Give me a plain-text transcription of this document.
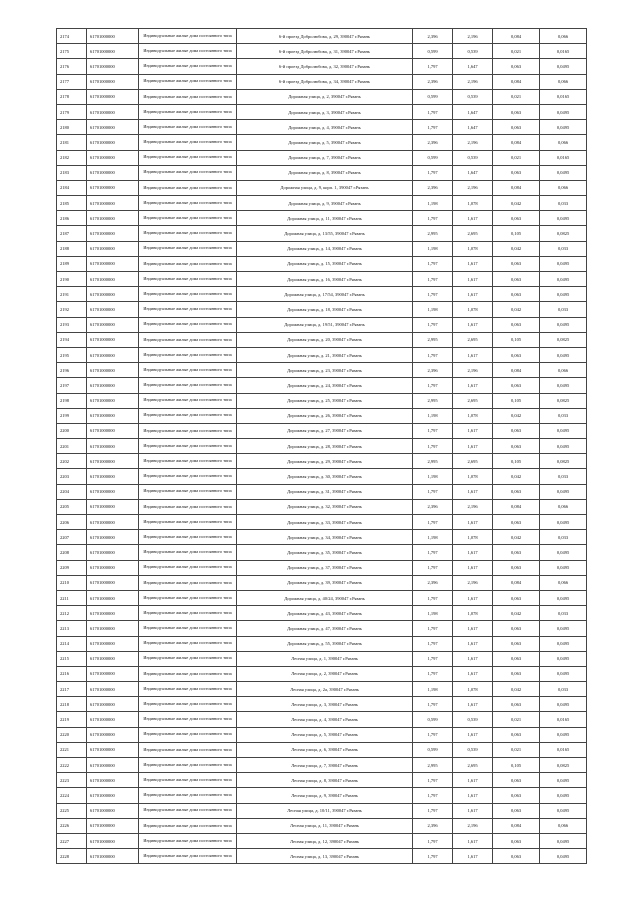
2174	61701000000	Индивидуальные жилые дома постоянного типа	6-й проезд Добролюбова, д. 29, 390047 г.Рязань	2,396	2,196	0,084	0,066
2175	61701000000	Индивидуальные жилые дома постоянного типа	6-й проезд Добролюбова, д. 31, 390047 г.Рязань	0,599	0,539	0,021	0,0165
2176	61701000000	Индивидуальные жилые дома постоянного типа	6-й проезд Добролюбова, д. 32, 390047 г.Рязань	1,797	1,647	0,063	0,0495
2177	61701000000	Индивидуальные жилые дома постоянного типа	6-й проезд Добролюбова, д. 34, 390047 г.Рязань	2,396	2,196	0,084	0,066
2178	61701000000	Индивидуальные жилые дома постоянного типа	Дорожная улица, д. 2, 390047 г.Рязань	0,599	0,539	0,021	0,0165
2179	61701000000	Индивидуальные жилые дома постоянного типа	Дорожная улица, д. 3, 390047 г.Рязань	1,797	1,647	0,063	0,0495
2180	61701000000	Индивидуальные жилые дома постоянного типа	Дорожная улица, д. 4, 390047 г.Рязань	1,797	1,647	0,063	0,0495
2181	61701000000	Индивидуальные жилые дома постоянного типа	Дорожная улица, д. 5, 390047 г.Рязань	2,396	2,196	0,084	0,066
2182	61701000000	Индивидуальные жилые дома постоянного типа	Дорожная улица, д. 7, 390047 г.Рязань	0,599	0,539	0,021	0,0165
2183	61701000000	Индивидуальные жилые дома постоянного типа	Дорожная улица, д. 8, 390047 г.Рязань	1,797	1,647	0,063	0,0495
2184	61701000000	Индивидуальные жилые дома постоянного типа	Дорожная улица, д. 9, корп. 1, 390047 г.Рязань	2,396	2,196	0,084	0,066
2185	61701000000	Индивидуальные жилые дома постоянного типа	Дорожная улица, д. 9, 390047 г.Рязань	1,198	1,078	0,042	0,033
2186	61701000000	Индивидуальные жилые дома постоянного типа	Дорожная улица, д. 11, 390047 г.Рязань	1,797	1,617	0,063	0,0495
2187	61701000000	Индивидуальные жилые дома постоянного типа	Дорожная улица, д. 13/55, 390047 г.Рязань	2,995	2,695	0,105	0,0825
2188	61701000000	Индивидуальные жилые дома постоянного типа	Дорожная улица, д. 14, 390047 г.Рязань	1,198	1,078	0,042	0,033
2189	61701000000	Индивидуальные жилые дома постоянного типа	Дорожная улица, д. 15, 390047 г.Рязань	1,797	1,617	0,063	0,0495
2190	61701000000	Индивидуальные жилые дома постоянного типа	Дорожная улица, д. 16, 390047 г.Рязань	1,797	1,617	0,063	0,0495
2191	61701000000	Индивидуальные жилые дома постоянного типа	Дорожная улица, д. 17/54, 390047 г.Рязань	1,797	1,617	0,063	0,0495
2192	61701000000	Индивидуальные жилые дома постоянного типа	Дорожная улица, д. 18, 390047 г.Рязань	1,198	1,078	0,042	0,033
2193	61701000000	Индивидуальные жилые дома постоянного типа	Дорожная улица, д. 19/51, 390047 г.Рязань	1,797	1,617	0,063	0,0495
2194	61701000000	Индивидуальные жилые дома постоянного типа	Дорожная улица, д. 20, 390047 г.Рязань	2,995	2,695	0,105	0,0825
2195	61701000000	Индивидуальные жилые дома постоянного типа	Дорожная улица, д. 21, 390047 г.Рязань	1,797	1,617	0,063	0,0495
2196	61701000000	Индивидуальные жилые дома постоянного типа	Дорожная улица, д. 23, 390047 г.Рязань	2,396	2,196	0,084	0,066
2197	61701000000	Индивидуальные жилые дома постоянного типа	Дорожная улица, д. 24, 390047 г.Рязань	1,797	1,617	0,063	0,0495
2198	61701000000	Индивидуальные жилые дома постоянного типа	Дорожная улица, д. 25, 390047 г.Рязань	2,995	2,695	0,105	0,0825
2199	61701000000	Индивидуальные жилые дома постоянного типа	Дорожная улица, д. 26, 390047 г.Рязань	1,198	1,078	0,042	0,033
2200	61701000000	Индивидуальные жилые дома постоянного типа	Дорожная улица, д. 27, 390047 г.Рязань	1,797	1,617	0,063	0,0495
2201	61701000000	Индивидуальные жилые дома постоянного типа	Дорожная улица, д. 28, 390047 г.Рязань	1,797	1,617	0,063	0,0495
2202	61701000000	Индивидуальные жилые дома постоянного типа	Дорожная улица, д. 29, 390047 г.Рязань	2,995	2,695	0,105	0,0825
2203	61701000000	Индивидуальные жилые дома постоянного типа	Дорожная улица, д. 30, 390047 г.Рязань	1,198	1,078	0,042	0,033
2204	61701000000	Индивидуальные жилые дома постоянного типа	Дорожная улица, д. 31, 390047 г.Рязань	1,797	1,617	0,063	0,0495
2205	61701000000	Индивидуальные жилые дома постоянного типа	Дорожная улица, д. 32, 390047 г.Рязань	2,396	2,196	0,084	0,066
2206	61701000000	Индивидуальные жилые дома постоянного типа	Дорожная улица, д. 33, 390047 г.Рязань	1,797	1,617	0,063	0,0495
2207	61701000000	Индивидуальные жилые дома постоянного типа	Дорожная улица, д. 34, 390047 г.Рязань	1,198	1,078	0,042	0,033
2208	61701000000	Индивидуальные жилые дома постоянного типа	Дорожная улица, д. 35, 390047 г.Рязань	1,797	1,617	0,063	0,0495
2209	61701000000	Индивидуальные жилые дома постоянного типа	Дорожная улица, д. 37, 390047 г.Рязань	1,797	1,617	0,063	0,0495
2210	61701000000	Индивидуальные жилые дома постоянного типа	Дорожная улица, д. 39, 390047 г.Рязань	2,396	2,196	0,084	0,066
2211	61701000000	Индивидуальные жилые дома постоянного типа	Дорожная улица, д. 40/24, 390047 г.Рязань	1,797	1,617	0,063	0,0495
2212	61701000000	Индивидуальные жилые дома постоянного типа	Дорожная улица, д. 43, 390047 г.Рязань	1,198	1,078	0,042	0,033
2213	61701000000	Индивидуальные жилые дома постоянного типа	Дорожная улица, д. 47, 390047 г.Рязань	1,797	1,617	0,063	0,0495
2214	61701000000	Индивидуальные жилые дома постоянного типа	Дорожная улица, д. 55, 390047 г.Рязань	1,797	1,617	0,063	0,0495
2215	61701000000	Индивидуальные жилые дома постоянного типа	Лесная улица, д. 1, 390047 г.Рязань	1,797	1,617	0,063	0,0495
2216	61701000000	Индивидуальные жилые дома постоянного типа	Лесная улица, д. 2, 390047 г.Рязань	1,797	1,617	0,063	0,0495
2217	61701000000	Индивидуальные жилые дома постоянного типа	Лесная улица, д. 2а, 390047 г.Рязань	1,198	1,078	0,042	0,033
2218	61701000000	Индивидуальные жилые дома постоянного типа	Лесная улица, д. 3, 390047 г.Рязань	1,797	1,617	0,063	0,0495
2219	61701000000	Индивидуальные жилые дома постоянного типа	Лесная улица, д. 4, 390047 г.Рязань	0,599	0,539	0,021	0,0165
2220	61701000000	Индивидуальные жилые дома постоянного типа	Лесная улица, д. 5, 390047 г.Рязань	1,797	1,617	0,063	0,0495
2221	61701000000	Индивидуальные жилые дома постоянного типа	Лесная улица, д. 6, 390047 г.Рязань	0,599	0,539	0,021	0,0165
2222	61701000000	Индивидуальные жилые дома постоянного типа	Лесная улица, д. 7, 390047 г.Рязань	2,995	2,695	0,105	0,0825
2223	61701000000	Индивидуальные жилые дома постоянного типа	Лесная улица, д. 8, 390047 г.Рязань	1,797	1,617	0,063	0,0495
2224	61701000000	Индивидуальные жилые дома постоянного типа	Лесная улица, д. 9, 390047 г.Рязань	1,797	1,617	0,063	0,0495
2225	61701000000	Индивидуальные жилые дома постоянного типа	Лесная улица, д. 10/11, 390047 г.Рязань	1,797	1,617	0,063	0,0495
2226	61701000000	Индивидуальные жилые дома постоянного типа	Лесная улица, д. 11, 390047 г.Рязань	2,396	2,196	0,084	0,066
2227	61701000000	Индивидуальные жилые дома постоянного типа	Лесная улица, д. 12, 390047 г.Рязань	1,797	1,617	0,063	0,0495
2228	61701000000	Индивидуальные жилые дома постоянного типа	Лесная улица, д. 13, 390047 г.Рязань	1,797	1,617	0,063	0,0495
